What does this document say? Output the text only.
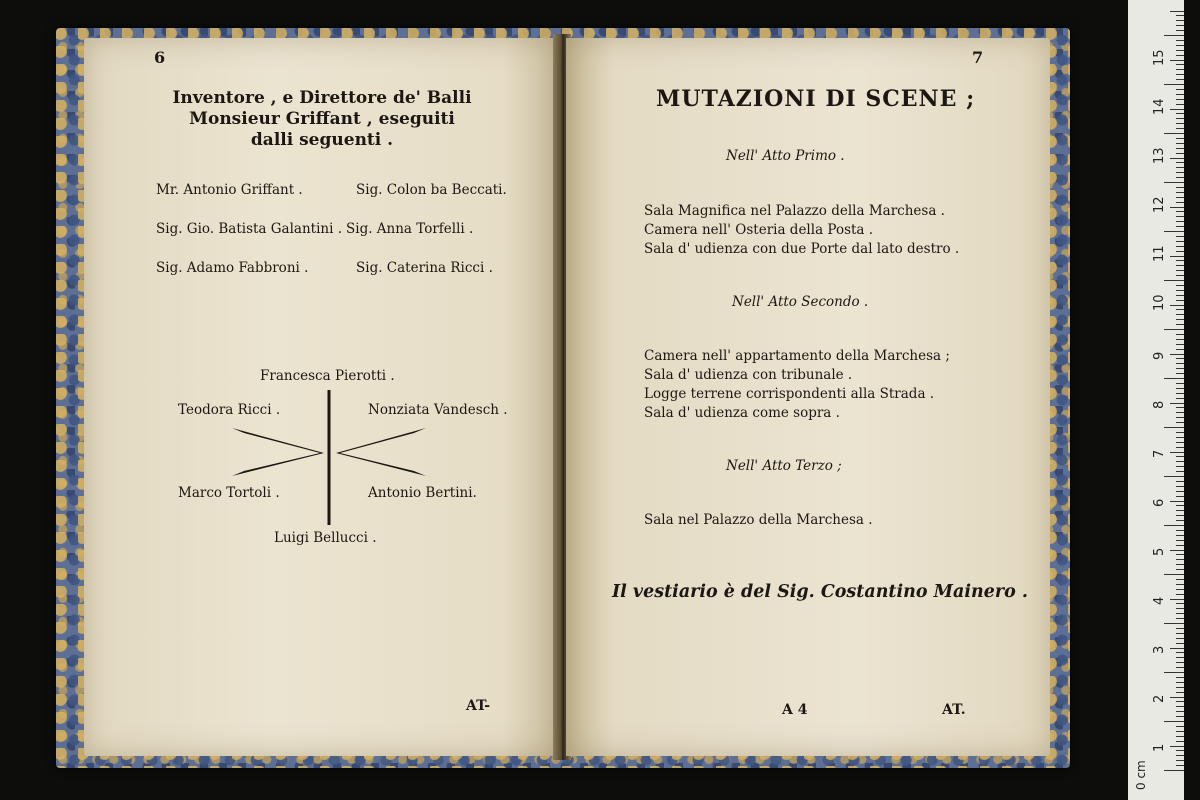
6
Inventore , e Direttore de' Balli
Monsieur Griffant , eseguiti
dalli seguenti .
Mr. Antonio Griffant .	Sig. Colon ba Beccati.
Sig. Gio. Batista Galantini . Sig. Anna Torfelli .
Sig. Adamo Fabbroni .	Sig. Caterina Ricci .
Francesca Pierotti .
Teodora Ricci .	Nonziata Vandesch .
Marco Tortoli .	Antonio Bertini.
Luigi Bellucci .
AT-
7
MUTAZIONI DI SCENE ;
Nell' Atto Primo .
Sala Magnifica nel Palazzo della Marchesa .
Camera nell' Osteria della Posta .
Sala d' udienza con due Porte dal lato destro .
Nell' Atto Secondo .
Camera nell' appartamento della Marchesa ;
Sala d' udienza con tribunale .
Logge terrene corrispondenti alla Strada .
Sala d' udienza come sopra .
Nell' Atto Terzo ;
Sala nel Palazzo della Marchesa .
Il vestiario è del Sig. Costantino Mainero .
A 4	AT.
0 cm
1
2
3
4
5
6
7
8
9
10
11
12
13
14
15
